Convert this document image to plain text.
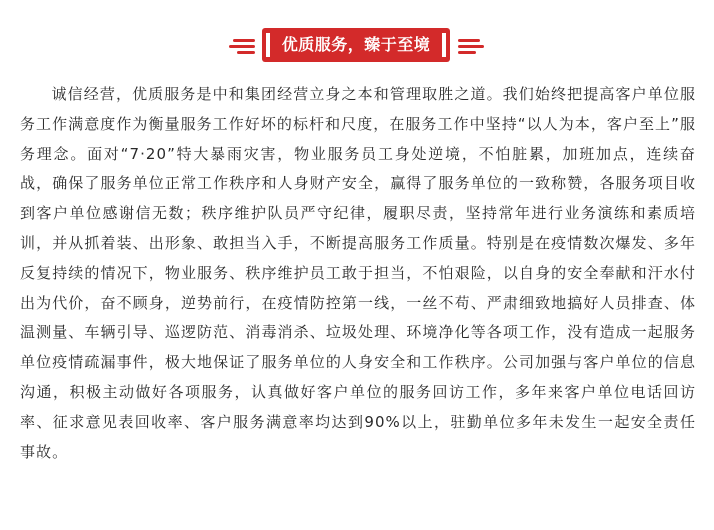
优质服务，臻于至境

诚信经营，优质服务是中和集团经营立身之本和管理取胜之道。我们始终把提高客户单位服务工作满意度作为衡量服务工作好坏的标杆和尺度，在服务工作中坚持“以人为本，客户至上”服务理念。面对“7·20”特大暴雨灾害，物业服务员工身处逆境，不怕脏累，加班加点，连续奋战，确保了服务单位正常工作秩序和人身财产安全，赢得了服务单位的一致称赞，各服务项目收到客户单位感谢信无数；秩序维护队员严守纪律，履职尽责，坚持常年进行业务演练和素质培训，并从抓着装、出形象、敢担当入手，不断提高服务工作质量。特别是在疫情数次爆发、多年反复持续的情况下，物业服务、秩序维护员工敢于担当，不怕艰险，以自身的安全奉献和汗水付出为代价，奋不顾身，逆势前行，在疫情防控第一线，一丝不苟、严肃细致地搞好人员排查、体温测量、车辆引导、巡逻防范、消毒消杀、垃圾处理、环境净化等各项工作，没有造成一起服务单位疫情疏漏事件，极大地保证了服务单位的人身安全和工作秩序。公司加强与客户单位的信息沟通，积极主动做好各项服务，认真做好客户单位的服务回访工作，多年来客户单位电话回访率、征求意见表回收率、客户服务满意率均达到90%以上，驻勤单位多年未发生一起安全责任事故。
